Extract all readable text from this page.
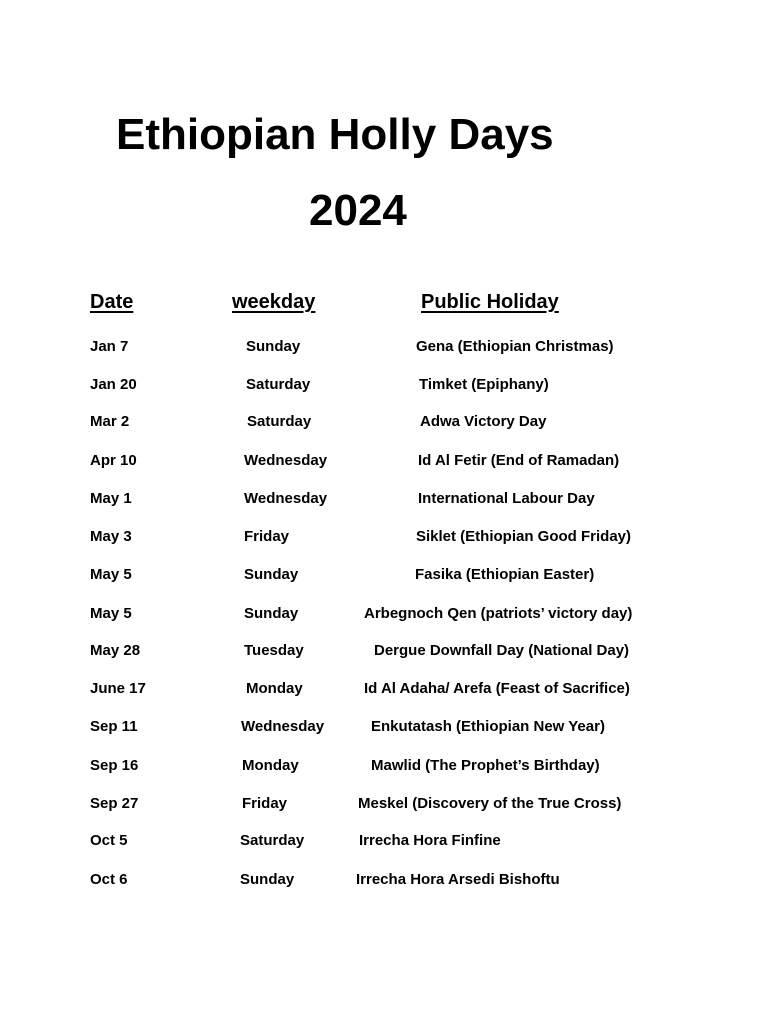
Ethiopian Holly Days
2024
Date	weekday	Public Holiday
Jan 7	Sunday	Gena (Ethiopian Christmas)
Jan 20	Saturday	Timket (Epiphany)
Mar 2	Saturday	Adwa Victory Day
Apr 10	Wednesday	Id Al Fetir (End of Ramadan)
May 1	Wednesday	International Labour Day
May 3	Friday	Siklet (Ethiopian Good Friday)
May 5	Sunday	Fasika (Ethiopian Easter)
May 5	Sunday	Arbegnoch Qen (patriots’ victory day)
May 28	Tuesday	Dergue Downfall Day (National Day)
June 17	Monday	Id Al Adaha/ Arefa (Feast of Sacrifice)
Sep 11	Wednesday	Enkutatash (Ethiopian New Year)
Sep 16	Monday	Mawlid (The Prophet’s Birthday)
Sep 27	Friday	Meskel (Discovery of the True Cross)
Oct 5	Saturday	Irrecha Hora Finfine
Oct 6	Sunday	Irrecha Hora Arsedi Bishoftu
